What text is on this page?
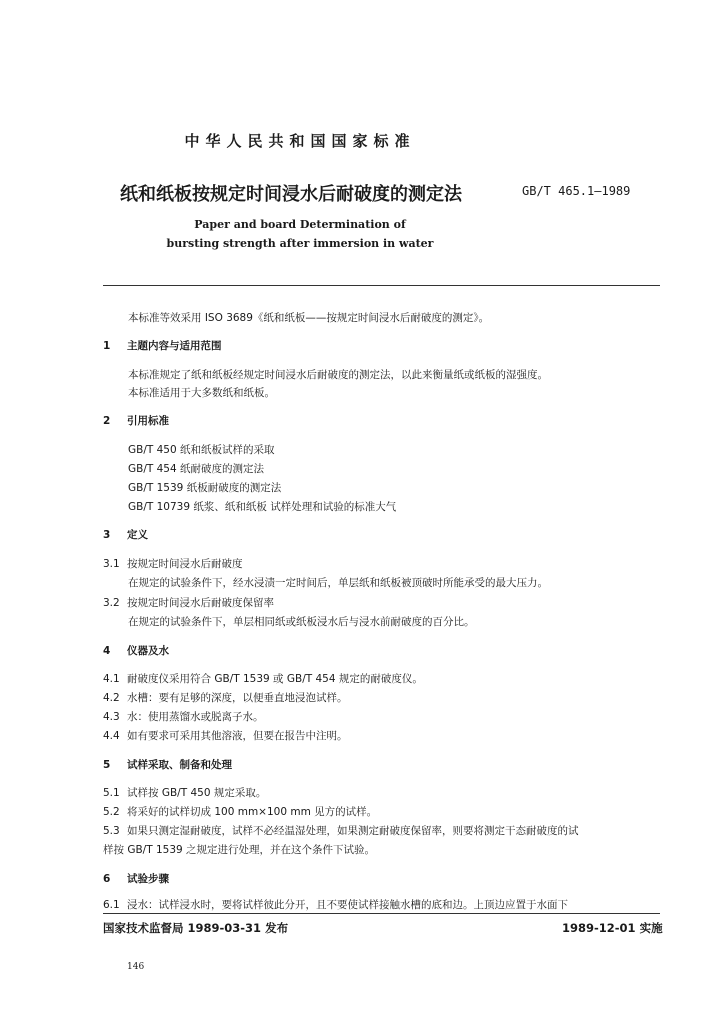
中华人民共和国国家标准
纸和纸板按规定时间浸水后耐破度的测定法	GB/T 465.1—1989
Paper and board Determination of
bursting strength after immersion in water
本标准等效采用 ISO 3689《纸和纸板——按规定时间浸水后耐破度的测定》。
1 主题内容与适用范围
本标准规定了纸和纸板经规定时间浸水后耐破度的测定法，以此来衡量纸或纸板的湿强度。
本标准适用于大多数纸和纸板。
2 引用标准
GB/T 450 纸和纸板试样的采取
GB/T 454 纸耐破度的测定法
GB/T 1539 纸板耐破度的测定法
GB/T 10739 纸浆、纸和纸板 试样处理和试验的标准大气
3 定义
3.1 按规定时间浸水后耐破度
在规定的试验条件下，经水浸渍一定时间后，单层纸和纸板被顶破时所能承受的最大压力。
3.2 按规定时间浸水后耐破度保留率
在规定的试验条件下，单层相同纸或纸板浸水后与浸水前耐破度的百分比。
4 仪器及水
4.1 耐破度仪采用符合 GB/T 1539 或 GB/T 454 规定的耐破度仪。
4.2 水槽：要有足够的深度，以便垂直地浸泡试样。
4.3 水：使用蒸馏水或脱离子水。
4.4 如有要求可采用其他溶液，但要在报告中注明。
5 试样采取、制备和处理
5.1 试样按 GB/T 450 规定采取。
5.2 将采好的试样切成 100 mm×100 mm 见方的试样。
5.3 如果只测定湿耐破度，试样不必经温湿处理，如果测定耐破度保留率，则要将测定干态耐破度的试
样按 GB/T 1539 之规定进行处理，并在这个条件下试验。
6 试验步骤
6.1 浸水：试样浸水时，要将试样彼此分开，且不要使试样接触水槽的底和边。上顶边应置于水面下
国家技术监督局 1989-03-31 发布	1989-12-01 实施
146
